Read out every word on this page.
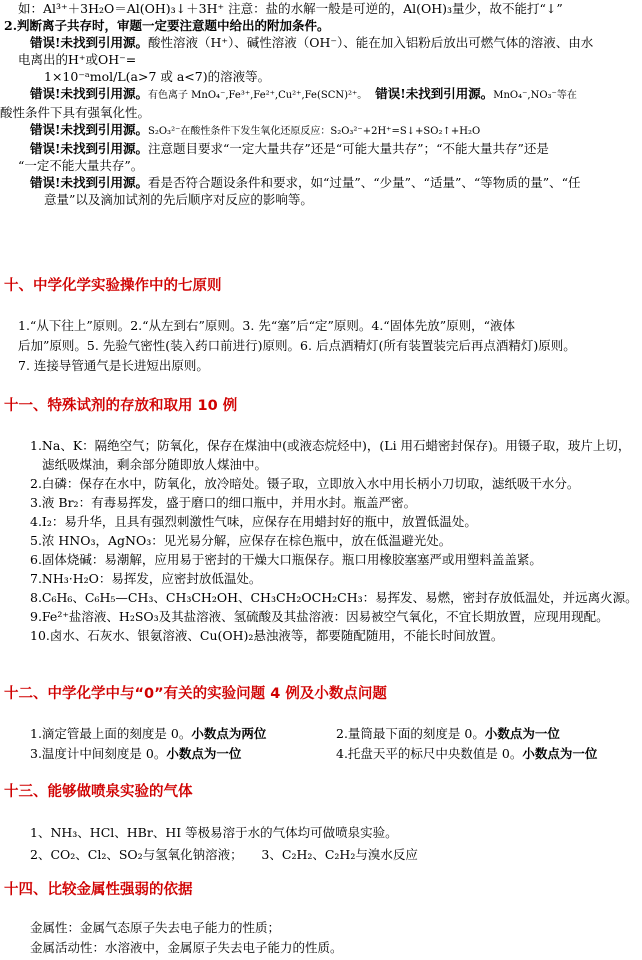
如：Al³⁺＋3H₂O＝Al(OH)₃↓＋3H⁺ 注意：盐的水解一般是可逆的，Al(OH)₃量少，故不能打“↓”

2.判断离子共存时，审题一定要注意题中给出的附加条件。

错误!未找到引用源。酸性溶液（H⁺）、碱性溶液（OH⁻）、能在加入铝粉后放出可燃气体的溶液、由水

电离出的H⁺或OH⁻=

1×10⁻ᵃmol/L(a>7 或 a<7)的溶液等。

错误!未找到引用源。有色离子 MnO₄⁻,Fe³⁺,Fe²⁺,Cu²⁺,Fe(SCN)²⁺。 错误!未找到引用源。MnO₄⁻,NO₃⁻等在

酸性条件下具有强氧化性。

错误!未找到引用源。S₂O₃²⁻在酸性条件下发生氧化还原反应：S₂O₃²⁻+2H⁺=S↓+SO₂↑+H₂O

错误!未找到引用源。注意题目要求“一定大量共存”还是“可能大量共存”；“不能大量共存”还是

“一定不能大量共存”。

错误!未找到引用源。看是否符合题设条件和要求，如“过量”、“少量”、“适量”、“等物质的量”、“任

意量”以及滴加试剂的先后顺序对反应的影响等。

十、中学化学实验操作中的七原则

1.“从下往上”原则。2.“从左到右”原则。3. 先“塞”后“定”原则。4.“固体先放”原则，“液体

后加”原则。5. 先验气密性(装入药口前进行)原则。6. 后点酒精灯(所有装置装完后再点酒精灯)原则。

7. 连接导管通气是长进短出原则。

十一、特殊试剂的存放和取用 10 例

1.Na、K：隔绝空气；防氧化，保存在煤油中(或液态烷烃中)，(Li 用石蜡密封保存)。用镊子取，玻片上切，滤纸吸煤油，剩余部分随即放人煤油中。

2.白磷：保存在水中，防氧化，放冷暗处。镊子取，立即放入水中用长柄小刀切取，滤纸吸干水分。

3.液 Br₂：有毒易挥发，盛于磨口的细口瓶中，并用水封。瓶盖严密。

4.I₂：易升华，且具有强烈刺激性气味，应保存在用蜡封好的瓶中，放置低温处。

5.浓 HNO₃，AgNO₃：见光易分解，应保存在棕色瓶中，放在低温避光处。

6.固体烧碱：易潮解，应用易于密封的干燥大口瓶保存。瓶口用橡胶塞塞严或用塑料盖盖紧。

7.NH₃·H₂O：易挥发，应密封放低温处。

8.C₆H₆、C₆H₅—CH₃、CH₃CH₂OH、CH₃CH₂OCH₂CH₃：易挥发、易燃，密封存放低温处，并远离火源。

9.Fe²⁺盐溶液、H₂SO₃及其盐溶液、氢硫酸及其盐溶液：因易被空气氧化，不宜长期放置，应现用现配。

10.卤水、石灰水、银氨溶液、Cu(OH)₂悬浊液等，都要随配随用，不能长时间放置。

十二、中学化学中与“0”有关的实验问题 4 例及小数点问题
1.滴定管最上面的刻度是 0。小数点为两位	2.量筒最下面的刻度是 0。小数点为一位
3.温度计中间刻度是 0。小数点为一位	4.托盘天平的标尺中央数值是 0。小数点为一位
十三、能够做喷泉实验的气体

1、NH₃、HCl、HBr、HI 等极易溶于水的气体均可做喷泉实验。

2、CO₂、Cl₂、SO₂与氢氧化钠溶液；　　3、C₂H₂、C₂H₂与溴水反应

十四、比较金属性强弱的依据

金属性：金属气态原子失去电子能力的性质；

金属活动性：水溶液中，金属原子失去电子能力的性质。
